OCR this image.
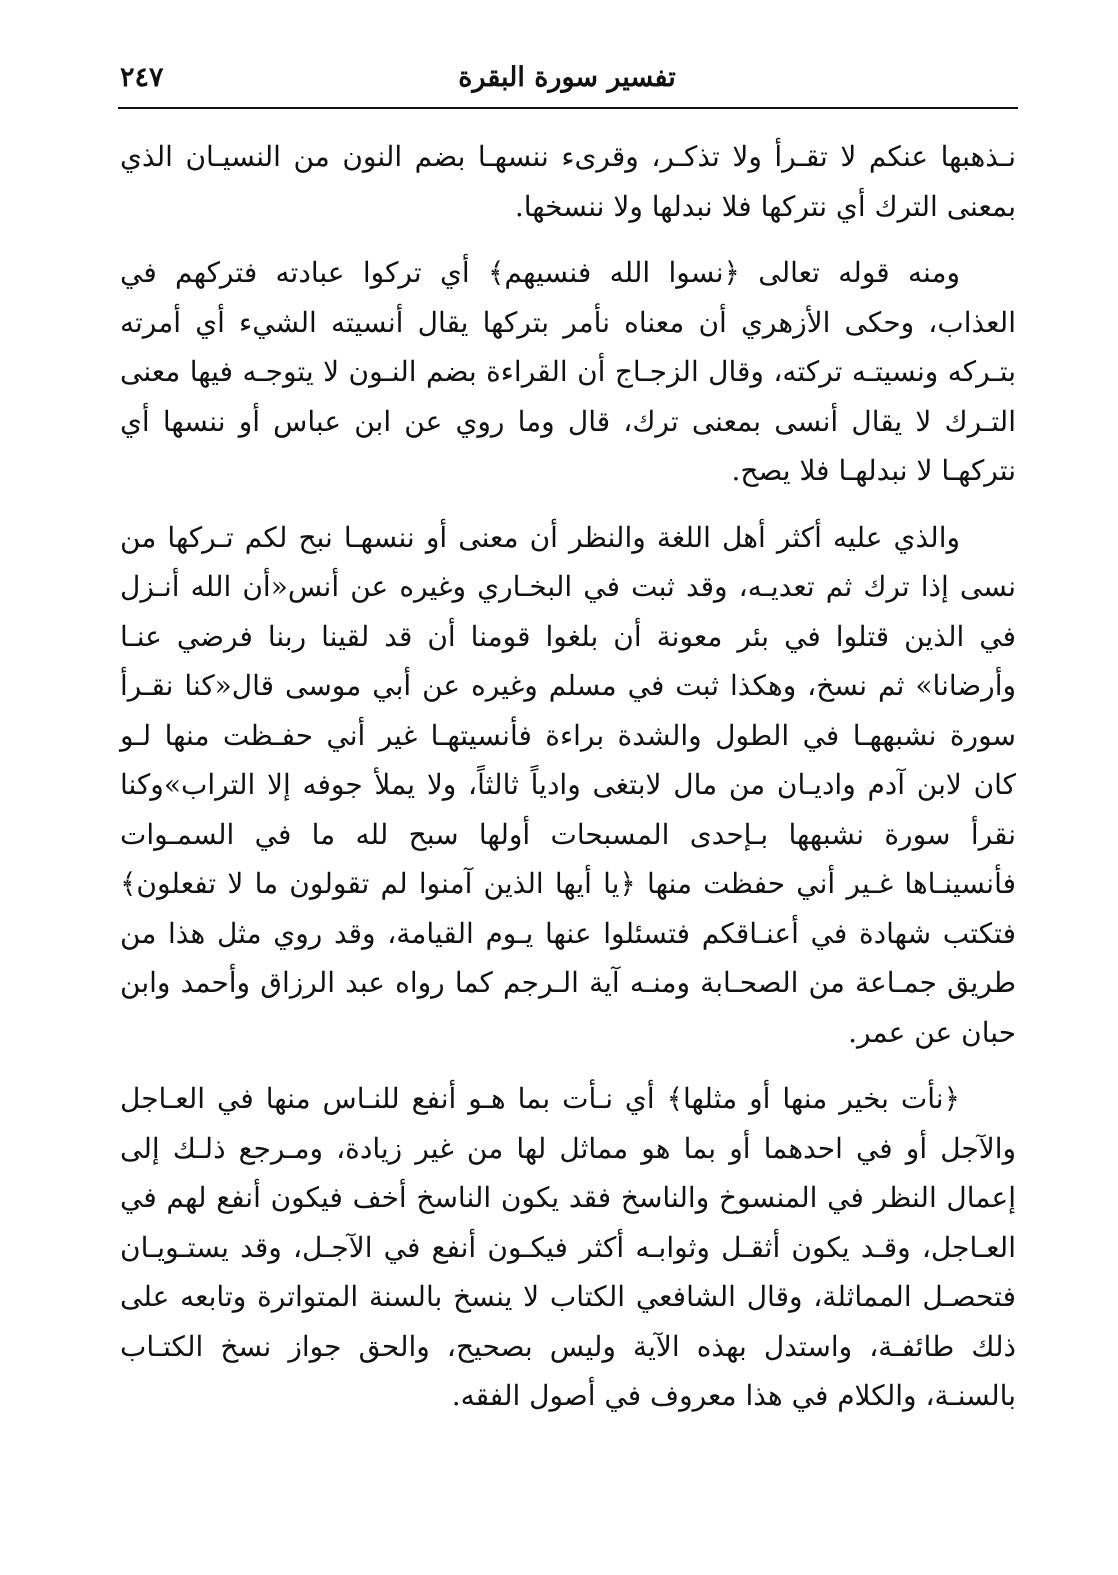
تفسير سورة البقرة
٢٤٧

نـذهبها عنكم لا تقـرأ ولا تذكـر، وقرىء ننسهـا بضم النون من النسيـان الذي بمعنى الترك أي نتركها فلا نبدلها ولا ننسخها.

ومنه قوله تعالى ﴿نسوا الله فنسيهم﴾ أي تركوا عبادته فتركهم في العذاب، وحكى الأزهري أن معناه نأمر بتركها يقال أنسيته الشيء أي أمرته بتـركه ونسيتـه تركته، وقال الزجـاج أن القراءة بضم النـون لا يتوجـه فيها معنى التـرك لا يقال أنسى بمعنى ترك، قال وما روي عن ابن عباس أو ننسها أي نتركهـا لا نبدلهـا فلا يصح.

والذي عليه أكثر أهل اللغة والنظر أن معنى أو ننسهـا نبح لكم تـركها من نسى إذا ترك ثم تعديـه، وقد ثبت في البخـاري وغيره عن أنس«أن الله أنـزل في الذين قتلوا في بئر معونة أن بلغوا قومنا أن قد لقينا ربنا فرضي عنـا وأرضانا» ثم نسخ، وهكذا ثبت في مسلم وغيره عن أبي موسى قال«كنا نقـرأ سورة نشبههـا في الطول والشدة براءة فأنسيتهـا غير أني حفـظت منها لـو كان لابن آدم واديـان من مال لابتغى وادياً ثالثاً، ولا يملأ جوفه إلا التراب»وكنا نقرأ سورة نشبهها بـإحدى المسبحات أولها سبح لله ما في السمـوات فأنسينـاها غـير أني حفظت منها ﴿يا أيها الذين آمنوا لم تقولون ما لا تفعلون﴾ فتكتب شهادة في أعنـاقكم فتسئلوا عنها يـوم القيامة، وقد روي مثل هذا من طريق جمـاعة من الصحـابة ومنـه آية الـرجم كما رواه عبد الرزاق وأحمد وابن حبان عن عمر.

﴿نأت بخير منها أو مثلها﴾ أي نـأت بما هـو أنفع للنـاس منها في العـاجل والآجل أو في احدهما أو بما هو مماثل لها من غير زيادة، ومـرجع ذلـك إلى إعمال النظر في المنسوخ والناسخ فقد يكون الناسخ أخف فيكون أنفع لهم في العـاجل، وقـد يكون أثقـل وثوابـه أكثر فيكـون أنفع في الآجـل، وقد يستـويـان فتحصـل المماثلة، وقال الشافعي الكتاب لا ينسخ بالسنة المتواترة وتابعه على ذلك طائفـة، واستدل بهذه الآية وليس بصحيح، والحق جواز نسخ الكتـاب بالسنـة، والكلام في هذا معروف في أصول الفقه.
